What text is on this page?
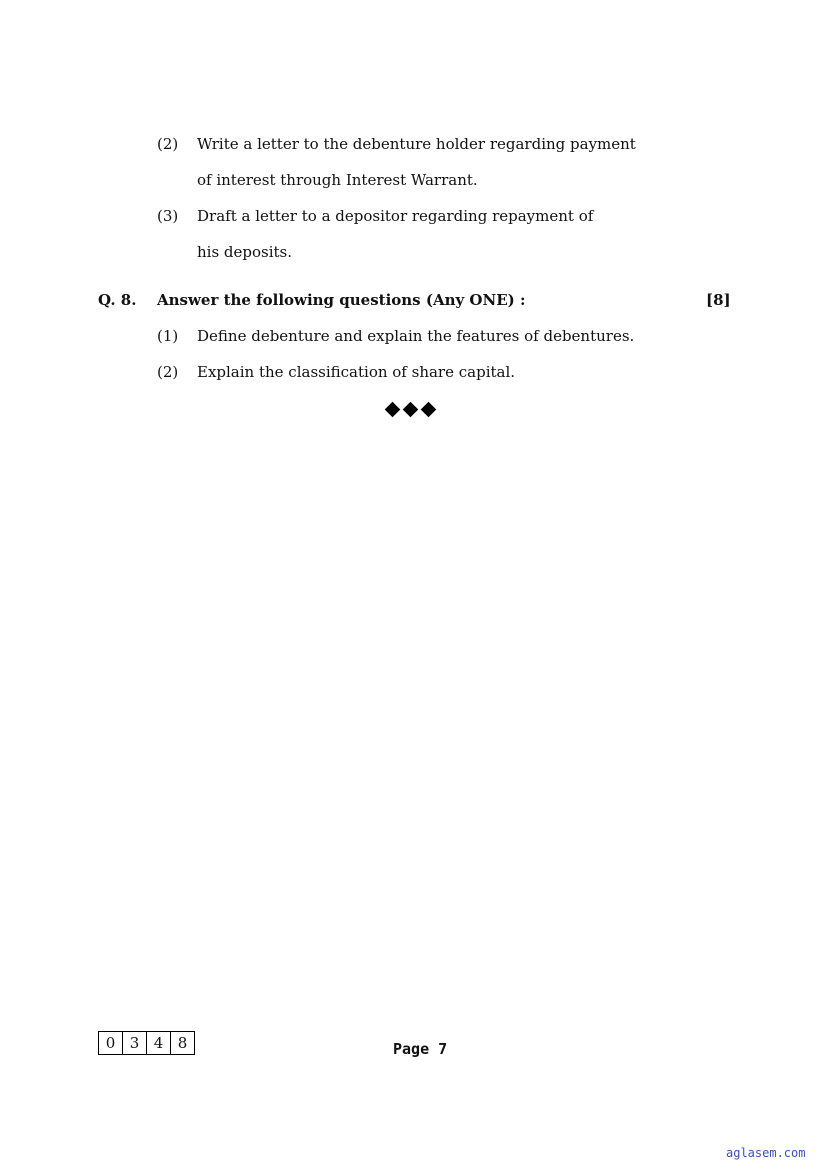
(2) Write a letter to the debenture holder regarding payment
of interest through Interest Warrant.
(3) Draft a letter to a depositor regarding repayment of
his deposits.
Q. 8. Answer the following questions (Any ONE) :	[8]
(1) Define debenture and explain the features of debentures.
(2) Explain the classification of share capital.
0 3 4 8	Page 7
aglasem.com
